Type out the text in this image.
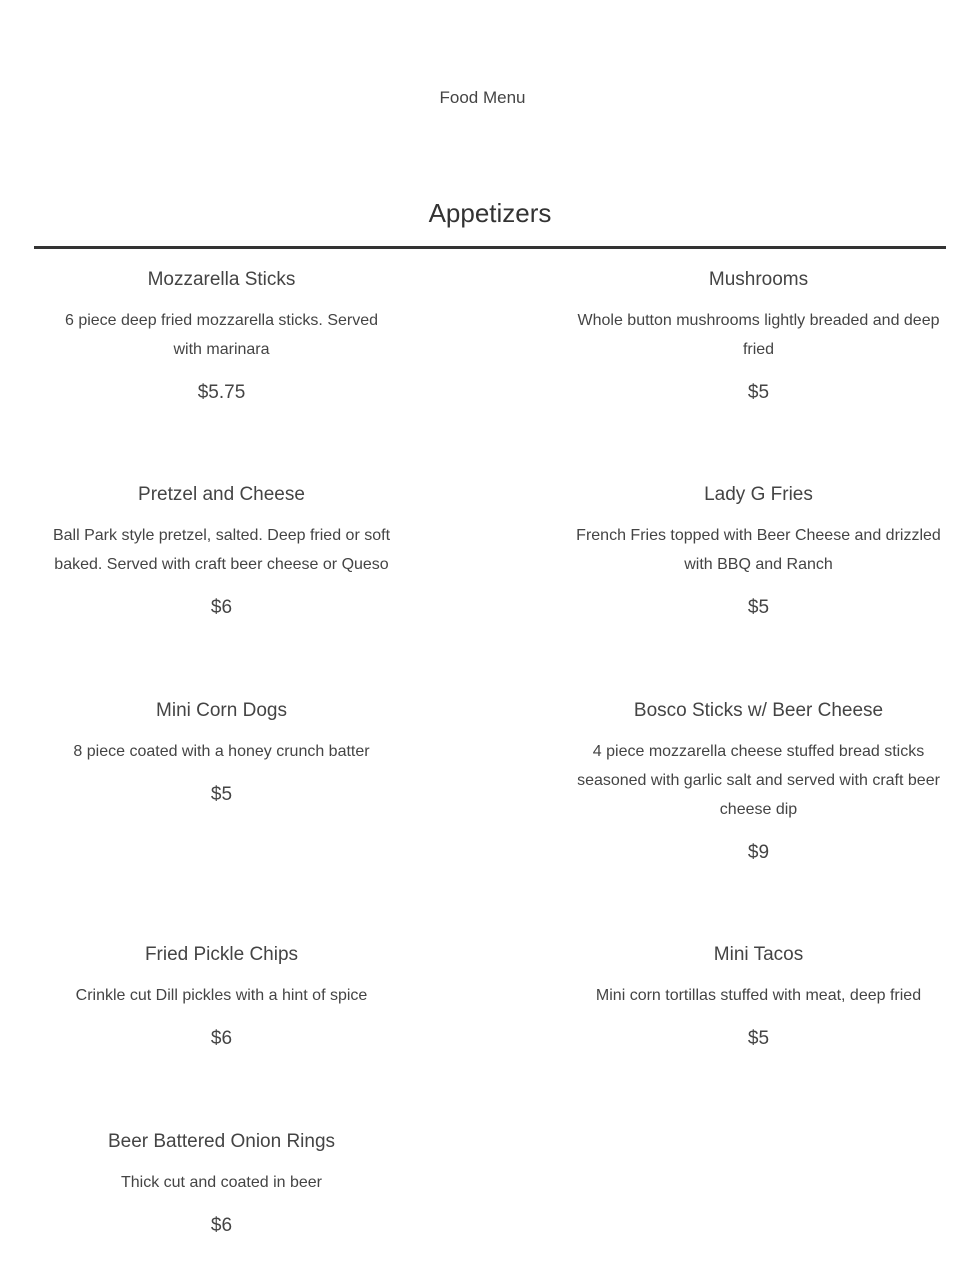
Food Menu
Appetizers
Mozzarella Sticks
6 piece deep fried mozzarella sticks. Served with marinara
$5.75
Mushrooms
Whole button mushrooms lightly breaded and deep fried
$5
Pretzel and Cheese
Ball Park style pretzel, salted. Deep fried or soft baked. Served with craft beer cheese or Queso
$6
Lady G Fries
French Fries topped with Beer Cheese and drizzled with BBQ and Ranch
$5
Mini Corn Dogs
8 piece coated with a honey crunch batter
$5
Bosco Sticks w/ Beer Cheese
4 piece mozzarella cheese stuffed bread sticks seasoned with garlic salt and served with craft beer cheese dip
$9
Fried Pickle Chips
Crinkle cut Dill pickles with a hint of spice
$6
Mini Tacos
Mini corn tortillas stuffed with meat, deep fried
$5
Beer Battered Onion Rings
Thick cut and coated in beer
$6
